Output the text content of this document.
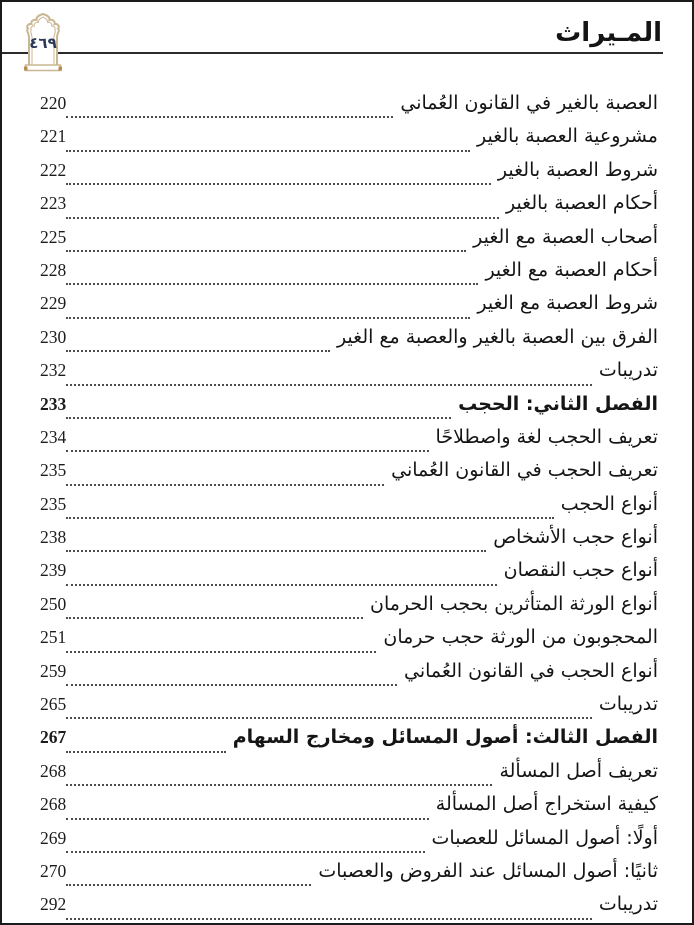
المـيراث
٤٦٩
العصبة بالغير في القانون العُماني
220
مشروعية العصبة بالغير
221
شروط العصبة بالغير
222
أحكام العصبة بالغير
223
أصحاب العصبة مع الغير
225
أحكام العصبة مع الغير
228
شروط العصبة مع الغير
229
الفرق بين العصبة بالغير والعصبة مع الغير
230
تدريبات
232
الفصل الثاني: الحجب
233
تعريف الحجب لغة واصطلاحًا
234
تعريف الحجب في القانون العُماني
235
أنواع الحجب
235
أنواع حجب الأشخاص
238
أنواع حجب النقصان
239
أنواع الورثة المتأثرين بحجب الحرمان
250
المحجوبون من الورثة حجب حرمان
251
أنواع الحجب في القانون العُماني
259
تدريبات
265
الفصل الثالث: أصول المسائل ومخارج السهام
267
تعريف أصل المسألة
268
كيفية استخراج أصل المسألة
268
أولًا: أصول المسائل للعصبات
269
ثانيًا: أصول المسائل عند الفروض والعصبات
270
تدريبات
292
